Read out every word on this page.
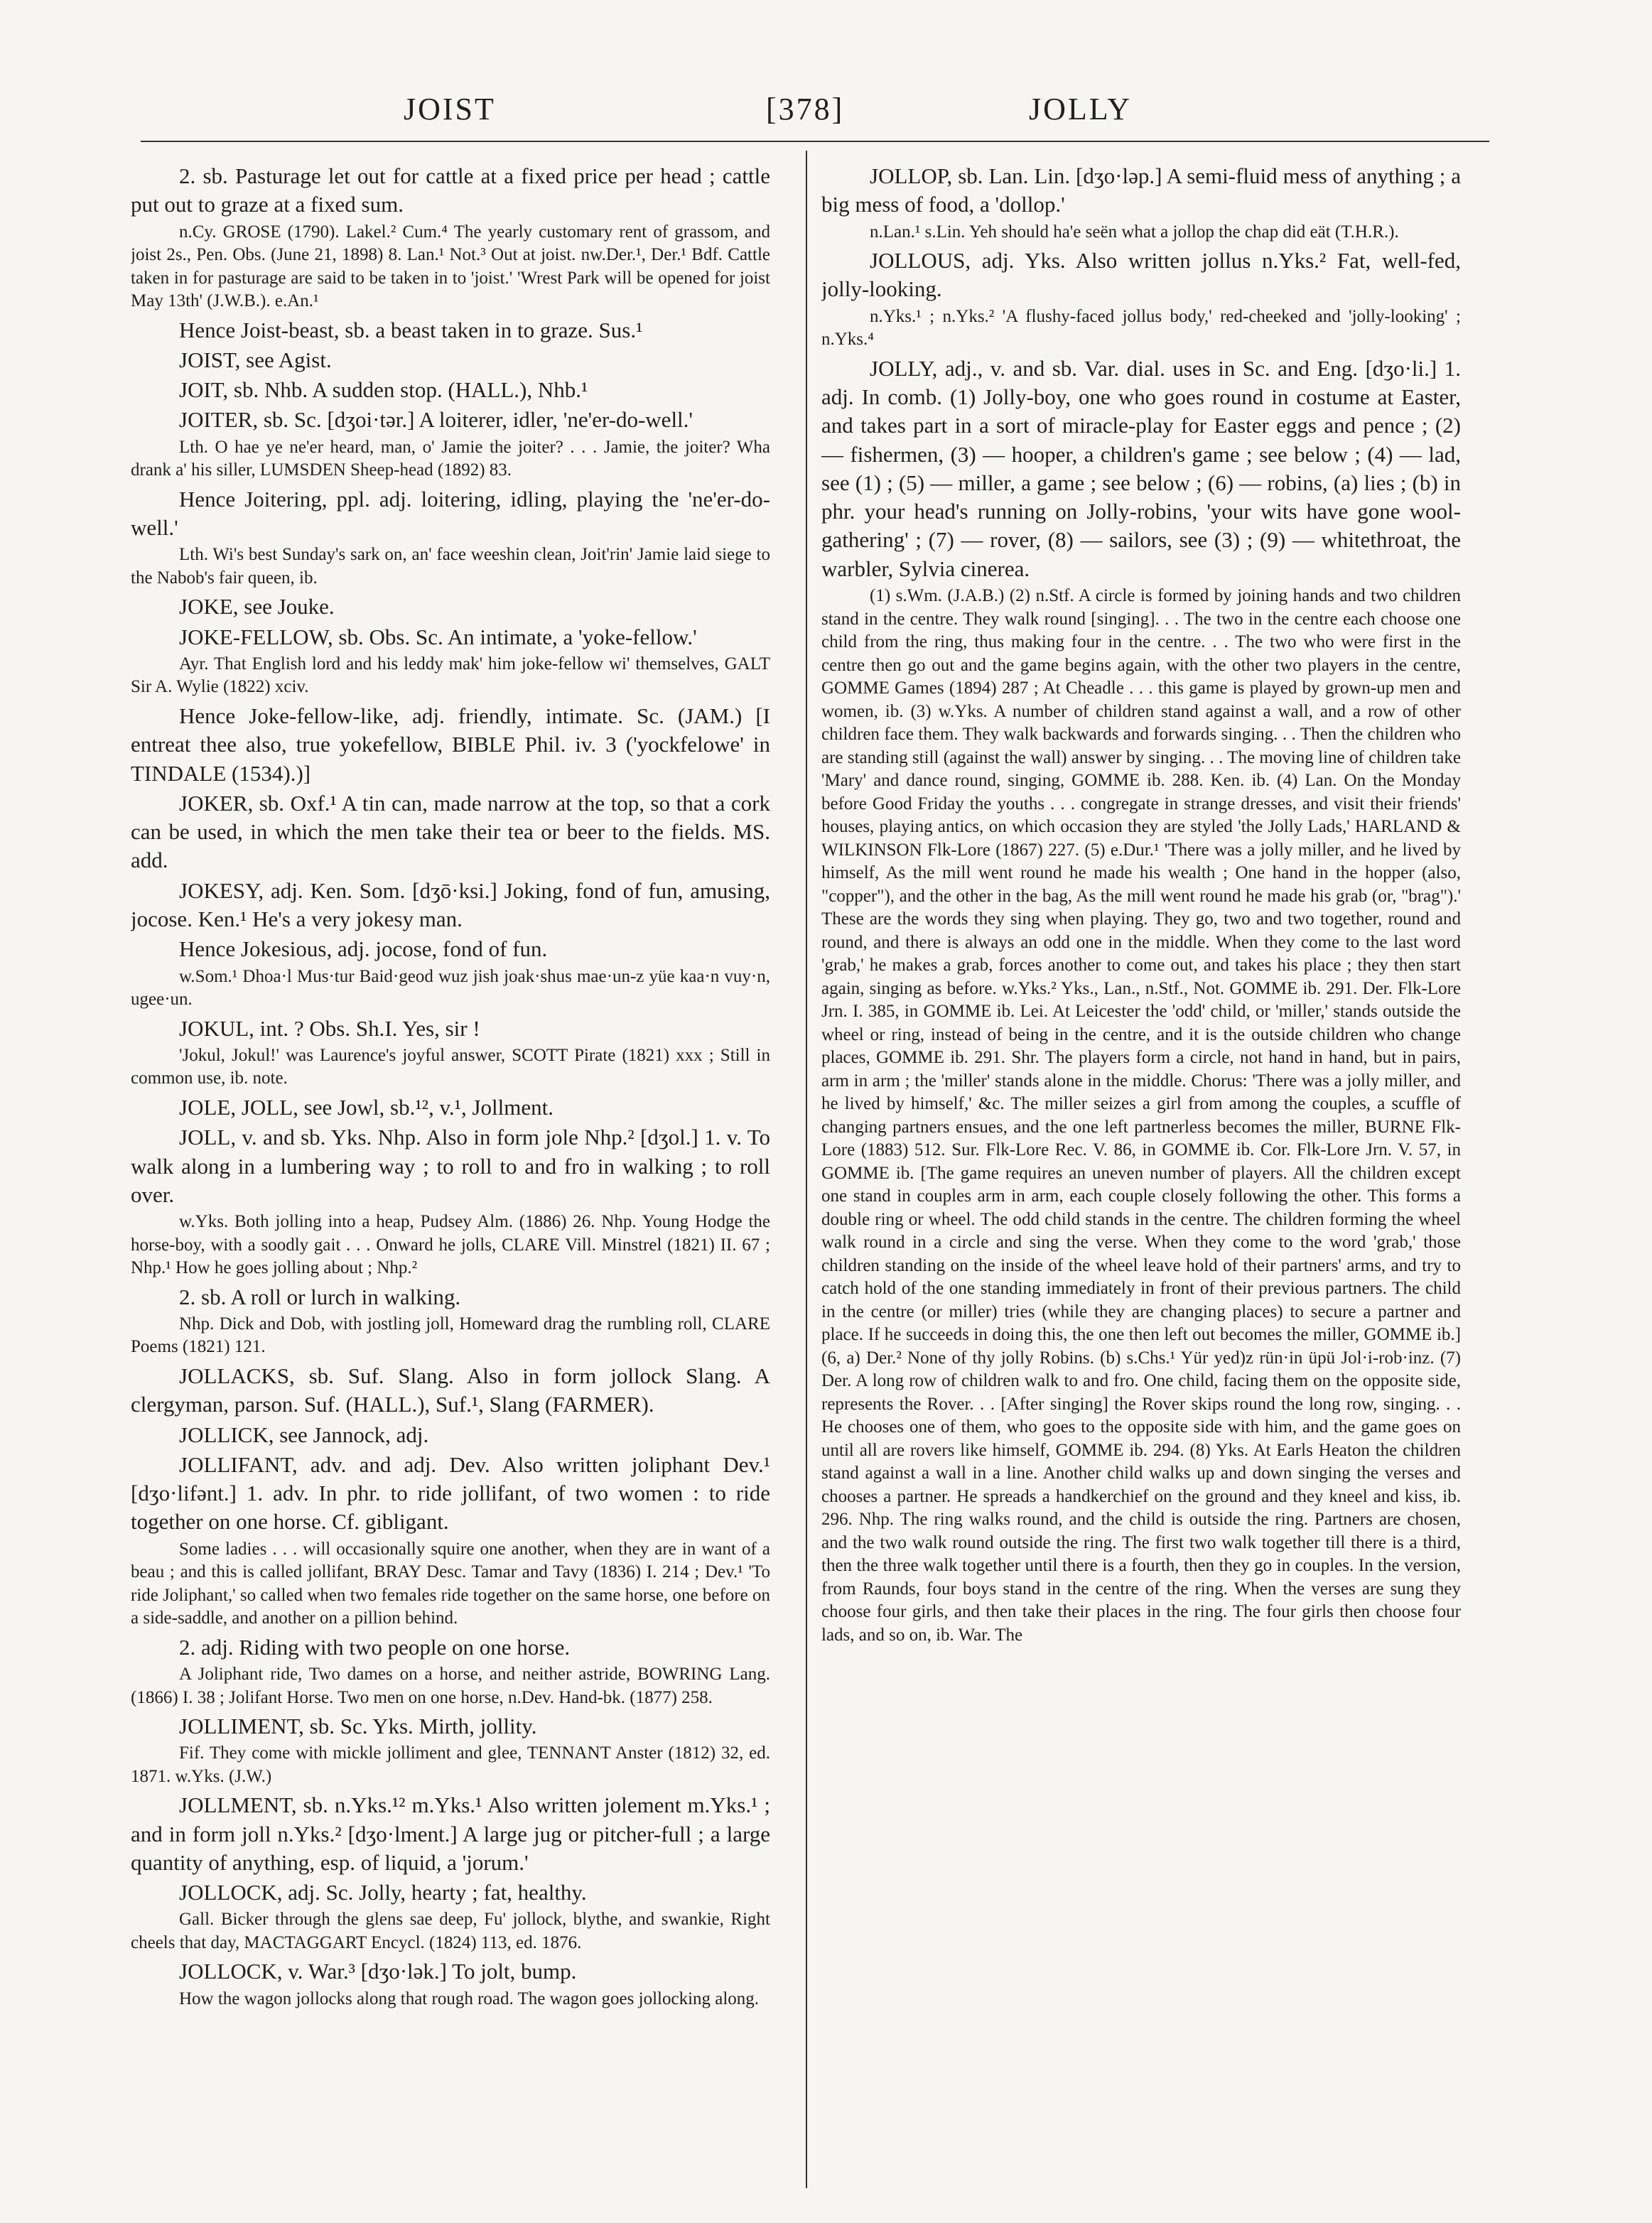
JOIST	[378]	JOLLY

2. sb. Pasturage let out for cattle at a fixed price per head ; cattle put out to graze at a fixed sum.

n.Cy. GROSE (1790). Lakel.² Cum.⁴ The yearly customary rent of grassom, and joist 2s., Pen. Obs. (June 21, 1898) 8. Lan.¹ Not.³ Out at joist. nw.Der.¹, Der.¹ Bdf. Cattle taken in for pasturage are said to be taken in to 'joist.' 'Wrest Park will be opened for joist May 13th' (J.W.B.). e.An.¹

Hence Joist-beast, sb. a beast taken in to graze. Sus.¹

JOIST, see Agist.

JOIT, sb. Nhb. A sudden stop. (HALL.), Nhb.¹

JOITER, sb. Sc. [dʒoi·tər.] A loiterer, idler, 'ne'er-do-well.'

Lth. O hae ye ne'er heard, man, o' Jamie the joiter? . . . Jamie, the joiter? Wha drank a' his siller, LUMSDEN Sheep-head (1892) 83.

Hence Joitering, ppl. adj. loitering, idling, playing the 'ne'er-do-well.'

Lth. Wi's best Sunday's sark on, an' face weeshin clean, Joit'rin' Jamie laid siege to the Nabob's fair queen, ib.

JOKE, see Jouke.

JOKE-FELLOW, sb. Obs. Sc. An intimate, a 'yoke-fellow.'

Ayr. That English lord and his leddy mak' him joke-fellow wi' themselves, GALT Sir A. Wylie (1822) xciv.

Hence Joke-fellow-like, adj. friendly, intimate. Sc. (JAM.) [I entreat thee also, true yokefellow, BIBLE Phil. iv. 3 ('yockfelowe' in TINDALE (1534).)]

JOKER, sb. Oxf.¹ A tin can, made narrow at the top, so that a cork can be used, in which the men take their tea or beer to the fields. MS. add.

JOKESY, adj. Ken. Som. [dʒō·ksi.] Joking, fond of fun, amusing, jocose. Ken.¹ He's a very jokesy man.

Hence Jokesious, adj. jocose, fond of fun.

w.Som.¹ Dhoa·l Mus·tur Baid·geod wuz jish joak·shus mae·un-z yüe kaa·n vuy·n, ugee·un.

JOKUL, int. ? Obs. Sh.I. Yes, sir !

'Jokul, Jokul!' was Laurence's joyful answer, SCOTT Pirate (1821) xxx ; Still in common use, ib. note.

JOLE, JOLL, see Jowl, sb.¹², v.¹, Jollment.

JOLL, v. and sb. Yks. Nhp. Also in form jole Nhp.² [dʒol.] 1. v. To walk along in a lumbering way ; to roll to and fro in walking ; to roll over.

w.Yks. Both jolling into a heap, Pudsey Alm. (1886) 26. Nhp. Young Hodge the horse-boy, with a soodly gait . . . Onward he jolls, CLARE Vill. Minstrel (1821) II. 67 ; Nhp.¹ How he goes jolling about ; Nhp.²

2. sb. A roll or lurch in walking.

Nhp. Dick and Dob, with jostling joll, Homeward drag the rumbling roll, CLARE Poems (1821) 121.

JOLLACKS, sb. Suf. Slang. Also in form jollock Slang. A clergyman, parson. Suf. (HALL.), Suf.¹, Slang (FARMER).

JOLLICK, see Jannock, adj.

JOLLIFANT, adv. and adj. Dev. Also written joliphant Dev.¹ [dʒo·lifənt.] 1. adv. In phr. to ride jollifant, of two women : to ride together on one horse. Cf. gibligant.

Some ladies . . . will occasionally squire one another, when they are in want of a beau ; and this is called jollifant, BRAY Desc. Tamar and Tavy (1836) I. 214 ; Dev.¹ 'To ride Joliphant,' so called when two females ride together on the same horse, one before on a side-saddle, and another on a pillion behind.

2. adj. Riding with two people on one horse.

A Joliphant ride, Two dames on a horse, and neither astride, BOWRING Lang. (1866) I. 38 ; Jolifant Horse. Two men on one horse, n.Dev. Hand-bk. (1877) 258.

JOLLIMENT, sb. Sc. Yks. Mirth, jollity.

Fif. They come with mickle jolliment and glee, TENNANT Anster (1812) 32, ed. 1871. w.Yks. (J.W.)

JOLLMENT, sb. n.Yks.¹² m.Yks.¹ Also written jolement m.Yks.¹ ; and in form joll n.Yks.² [dʒo·lment.] A large jug or pitcher-full ; a large quantity of anything, esp. of liquid, a 'jorum.'

JOLLOCK, adj. Sc. Jolly, hearty ; fat, healthy.

Gall. Bicker through the glens sae deep, Fu' jollock, blythe, and swankie, Right cheels that day, MACTAGGART Encycl. (1824) 113, ed. 1876.

JOLLOCK, v. War.³ [dʒo·lək.] To jolt, bump.

How the wagon jollocks along that rough road. The wagon goes jollocking along.

JOLLOP, sb. Lan. Lin. [dʒo·ləp.] A semi-fluid mess of anything ; a big mess of food, a 'dollop.'

n.Lan.¹ s.Lin. Yeh should ha'e seën what a jollop the chap did eät (T.H.R.).

JOLLOUS, adj. Yks. Also written jollus n.Yks.² Fat, well-fed, jolly-looking.

n.Yks.¹ ; n.Yks.² 'A flushy-faced jollus body,' red-cheeked and 'jolly-looking' ; n.Yks.⁴

JOLLY, adj., v. and sb. Var. dial. uses in Sc. and Eng. [dʒo·li.] 1. adj. In comb. (1) Jolly-boy, one who goes round in costume at Easter, and takes part in a sort of miracle-play for Easter eggs and pence ; (2) — fishermen, (3) — hooper, a children's game ; see below ; (4) — lad, see (1) ; (5) — miller, a game ; see below ; (6) — robins, (a) lies ; (b) in phr. your head's running on Jolly-robins, 'your wits have gone wool-gathering' ; (7) — rover, (8) — sailors, see (3) ; (9) — whitethroat, the warbler, Sylvia cinerea.

(1) s.Wm. (J.A.B.) (2) n.Stf. A circle is formed by joining hands and two children stand in the centre. They walk round [singing]. . . The two in the centre each choose one child from the ring, thus making four in the centre. . . The two who were first in the centre then go out and the game begins again, with the other two players in the centre, GOMME Games (1894) 287 ; At Cheadle . . . this game is played by grown-up men and women, ib. (3) w.Yks. A number of children stand against a wall, and a row of other children face them. They walk backwards and forwards singing. . . Then the children who are standing still (against the wall) answer by singing. . . The moving line of children take 'Mary' and dance round, singing, GOMME ib. 288. Ken. ib. (4) Lan. On the Monday before Good Friday the youths . . . congregate in strange dresses, and visit their friends' houses, playing antics, on which occasion they are styled 'the Jolly Lads,' HARLAND & WILKINSON Flk-Lore (1867) 227. (5) e.Dur.¹ 'There was a jolly miller, and he lived by himself, As the mill went round he made his wealth ; One hand in the hopper (also, "copper"), and the other in the bag, As the mill went round he made his grab (or, "brag").' These are the words they sing when playing. They go, two and two together, round and round, and there is always an odd one in the middle. When they come to the last word 'grab,' he makes a grab, forces another to come out, and takes his place ; they then start again, singing as before. w.Yks.² Yks., Lan., n.Stf., Not. GOMME ib. 291. Der. Flk-Lore Jrn. I. 385, in GOMME ib. Lei. At Leicester the 'odd' child, or 'miller,' stands outside the wheel or ring, instead of being in the centre, and it is the outside children who change places, GOMME ib. 291. Shr. The players form a circle, not hand in hand, but in pairs, arm in arm ; the 'miller' stands alone in the middle. Chorus: 'There was a jolly miller, and he lived by himself,' &c. The miller seizes a girl from among the couples, a scuffle of changing partners ensues, and the one left partnerless becomes the miller, BURNE Flk-Lore (1883) 512. Sur. Flk-Lore Rec. V. 86, in GOMME ib. Cor. Flk-Lore Jrn. V. 57, in GOMME ib. [The game requires an uneven number of players. All the children except one stand in couples arm in arm, each couple closely following the other. This forms a double ring or wheel. The odd child stands in the centre. The children forming the wheel walk round in a circle and sing the verse. When they come to the word 'grab,' those children standing on the inside of the wheel leave hold of their partners' arms, and try to catch hold of the one standing immediately in front of their previous partners. The child in the centre (or miller) tries (while they are changing places) to secure a partner and place. If he succeeds in doing this, the one then left out becomes the miller, GOMME ib.] (6, a) Der.² None of thy jolly Robins. (b) s.Chs.¹ Yür yed)z rün·in üpü Jol·i-rob·inz. (7) Der. A long row of children walk to and fro. One child, facing them on the opposite side, represents the Rover. . . [After singing] the Rover skips round the long row, singing. . . He chooses one of them, who goes to the opposite side with him, and the game goes on until all are rovers like himself, GOMME ib. 294. (8) Yks. At Earls Heaton the children stand against a wall in a line. Another child walks up and down singing the verses and chooses a partner. He spreads a handkerchief on the ground and they kneel and kiss, ib. 296. Nhp. The ring walks round, and the child is outside the ring. Partners are chosen, and the two walk round outside the ring. The first two walk together till there is a third, then the three walk together until there is a fourth, then they go in couples. In the version, from Raunds, four boys stand in the centre of the ring. When the verses are sung they choose four girls, and then take their places in the ring. The four girls then choose four lads, and so on, ib. War. The
